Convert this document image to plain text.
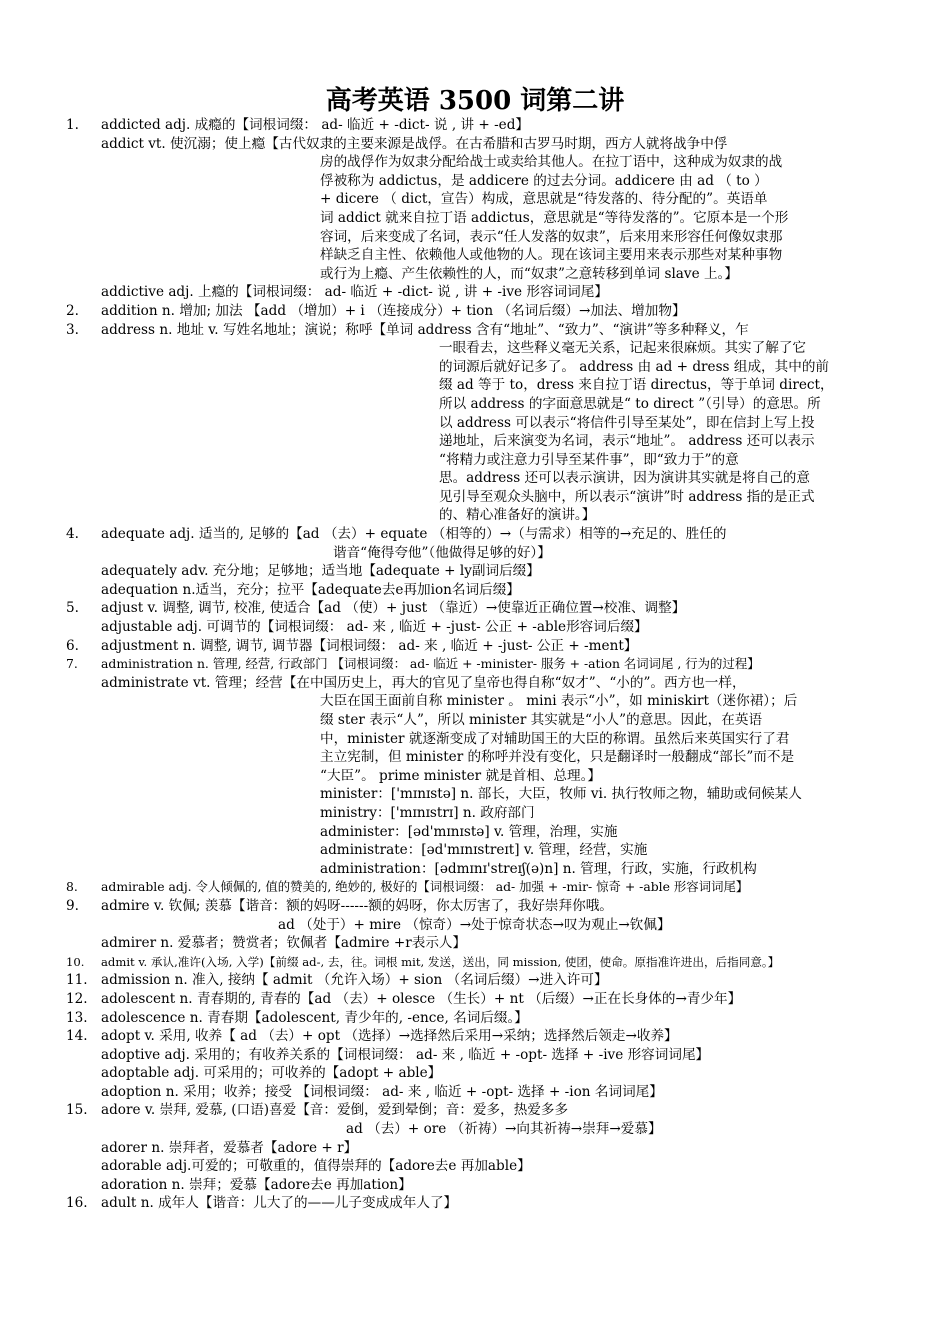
高考英语 3500 词第二讲
1.	addicted adj. 成瘾的【词根词缀： ad- 临近 + -dict- 说 , 讲 + -ed】
addict vt. 使沉溺；使上瘾【古代奴隶的主要来源是战俘。在古希腊和古罗马时期，西方人就将战争中俘
房的战俘作为奴隶分配给战士或卖给其他人。在拉丁语中，这种成为奴隶的战
俘被称为 addictus，是 addicere 的过去分词。addicere 由 ad （ to ）
+ dicere （ dict，宣告）构成，意思就是“待发落的、待分配的”。英语单
词 addict 就来自拉丁语 addictus，意思就是“等待发落的”。它原本是一个形
容词，后来变成了名词，表示“任人发落的奴隶”，后来用来形容任何像奴隶那
样缺乏自主性、依赖他人或他物的人。现在该词主要用来表示那些对某种事物
或行为上瘾、产生依赖性的人，而“奴隶”之意转移到单词 slave 上。】
addictive adj. 上瘾的【词根词缀： ad- 临近 + -dict- 说 , 讲 + -ive 形容词词尾】
2.	addition n. 增加; 加法 【add （增加）+ i （连接成分）+ tion （名词后缀）→加法、增加物】
3.	address n. 地址 v. 写姓名地址；演说；称呼【单词 address 含有“地址”、“致力”、“演讲”等多种释义，乍
一眼看去，这些释义毫无关系，记起来很麻烦。其实了解了它
的词源后就好记多了。 address 由 ad + dress 组成，其中的前
缀 ad 等于 to，dress 来自拉丁语 directus，等于单词 direct，
所以 address 的字面意思就是“ to direct ”（引导）的意思。所
以 address 可以表示“将信件引导至某处”，即在信封上写上投
递地址，后来演变为名词，表示“地址”。 address 还可以表示
“将精力或注意力引导至某件事”，即“致力于”的意
思。address 还可以表示演讲，因为演讲其实就是将自己的意
见引导至观众头脑中，所以表示“演讲”时 address 指的是正式
的、精心准备好的演讲。】
4.	adequate adj. 适当的, 足够的【ad （去）+ equate （相等的）→（与需求）相等的→充足的、胜任的
谐音“俺得夸他”（他做得足够的好）】
adequately adv. 充分地；足够地；适当地【adequate + ly副词后缀】
adequation n.适当，充分；拉平【adequate去e再加ion名词后缀】
5.	adjust v. 调整, 调节, 校准, 使适合【ad （使）+ just （靠近）→使靠近正确位置→校准、调整】
adjustable adj. 可调节的【词根词缀： ad- 来 , 临近 + -just- 公正 + -able形容词后缀】
6.	adjustment n. 调整, 调节, 调节器【词根词缀： ad- 来 , 临近 + -just- 公正 + -ment】
7.	administration n. 管理, 经营, 行政部门 【词根词缀： ad- 临近 + -minister- 服务 + -ation 名词词尾 , 行为的过程】
administrate vt. 管理；经营【在中国历史上，再大的官见了皇帝也得自称“奴才”、“小的”。西方也一样，
大臣在国王面前自称 minister 。 mini 表示“小”，如 miniskirt（迷你裙）；后
缀 ster 表示“人”，所以 minister 其实就是“小人”的意思。因此，在英语
中，minister 就逐渐变成了对辅助国王的大臣的称谓。虽然后来英国实行了君
主立宪制，但 minister 的称呼并没有变化，只是翻译时一般翻成“部长”而不是
“大臣”。 prime minister 就是首相、总理。】
minister：['mɪnɪstə] n. 部长，大臣，牧师 vi. 执行牧师之物，辅助或伺候某人
ministry：['mɪnɪstrɪ] n. 政府部门
administer：[əd'mɪnɪstə] v. 管理，治理，实施
administrate：[əd'mɪnɪstreɪt] v. 管理，经营，实施
administration：[ədmɪnɪ'streɪʃ(ə)n] n. 管理，行政，实施，行政机构
8.	admirable adj. 令人倾佩的, 值的赞美的, 绝妙的, 极好的【词根词缀： ad- 加强 + -mir- 惊奇 + -able 形容词词尾】
9.	admire v. 钦佩; 羡慕【谐音：额的妈呀------额的妈呀，你太厉害了，我好崇拜你哦。
ad （处于）+ mire （惊奇）→处于惊奇状态→叹为观止→钦佩】
admirer n. 爱慕者；赞赏者；钦佩者【admire +r表示人】
10.	admit v. 承认,准许(入场, 入学)【前缀 ad-, 去，往。词根 mit, 发送，送出，同 mission, 使团，使命。原指准许进出，后指同意。】
11. admission n. 准入, 接纳【 admit （允许入场）+ sion （名词后缀）→进入许可】
12. adolescent n. 青春期的, 青春的【ad （去）+ olesce （生长）+ nt （后缀）→正在长身体的→青少年】
13. adolescence n. 青春期【adolescent, 青少年的, -ence, 名词后缀。】
14. adopt v. 采用, 收养【 ad （去）+ opt （选择）→选择然后采用→采纳；选择然后领走→收养】
adoptive adj. 采用的；有收养关系的【词根词缀： ad- 来 , 临近 + -opt- 选择 + -ive 形容词词尾】
adoptable adj. 可采用的；可收养的【adopt + able】
adoption n. 采用；收养；接受 【词根词缀： ad- 来 , 临近 + -opt- 选择 + -ion 名词词尾】
15. adore v. 崇拜, 爱慕, (口语)喜爱【音：爱倒，爱到晕倒；音：爱多，热爱多多
ad （去）+ ore （祈祷）→向其祈祷→崇拜→爱慕】
adorer n. 崇拜者，爱慕者【adore + r】
adorable adj.可爱的；可敬重的，值得崇拜的【adore去e 再加able】
adoration n. 崇拜；爱慕【adore去e 再加ation】
16. adult n. 成年人【谐音：儿大了的——儿子变成成年人了】
